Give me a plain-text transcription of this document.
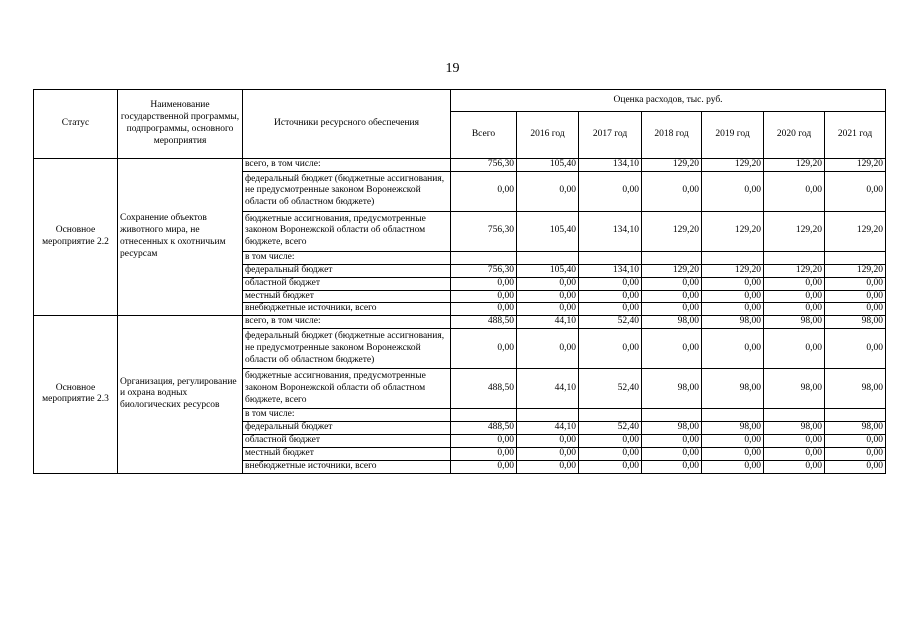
19
Статус	Наименование государственной программы, подпрограммы, основного мероприятия	Источники ресурсного обеспечения	Оценка расходов, тыс. руб.						
			Всего	2016 год	2017 год	2018 год	2019 год	2020 год	2021 год
Основное мероприятие 2.2	Сохранение объектов животного мира, не отнесенных к охотничьим ресурсам	всего, в том числе:	756,30	105,40	134,10	129,20	129,20	129,20	129,20
		федеральный бюджет (бюджетные ассигнования, не предусмотренные законом Воронежской области об областном бюджете)	0,00	0,00	0,00	0,00	0,00	0,00	0,00
		бюджетные ассигнования, предусмотренные законом Воронежской области об областном бюджете, всего	756,30	105,40	134,10	129,20	129,20	129,20	129,20
		в том числе:							
		федеральный бюджет	756,30	105,40	134,10	129,20	129,20	129,20	129,20
		областной бюджет	0,00	0,00	0,00	0,00	0,00	0,00	0,00
		местный бюджет	0,00	0,00	0,00	0,00	0,00	0,00	0,00
		внебюджетные источники, всего	0,00	0,00	0,00	0,00	0,00	0,00	0,00
Основное мероприятие 2.3	Организация, регулирование и охрана водных биологических ресурсов	всего, в том числе:	488,50	44,10	52,40	98,00	98,00	98,00	98,00
		федеральный бюджет (бюджетные ассигнования, не предусмотренные законом Воронежской области об областном бюджете)	0,00	0,00	0,00	0,00	0,00	0,00	0,00
		бюджетные ассигнования, предусмотренные законом Воронежской области об областном бюджете, всего	488,50	44,10	52,40	98,00	98,00	98,00	98,00
		в том числе:							
		федеральный бюджет	488,50	44,10	52,40	98,00	98,00	98,00	98,00
		областной бюджет	0,00	0,00	0,00	0,00	0,00	0,00	0,00
		местный бюджет	0,00	0,00	0,00	0,00	0,00	0,00	0,00
		внебюджетные источники, всего	0,00	0,00	0,00	0,00	0,00	0,00	0,00
